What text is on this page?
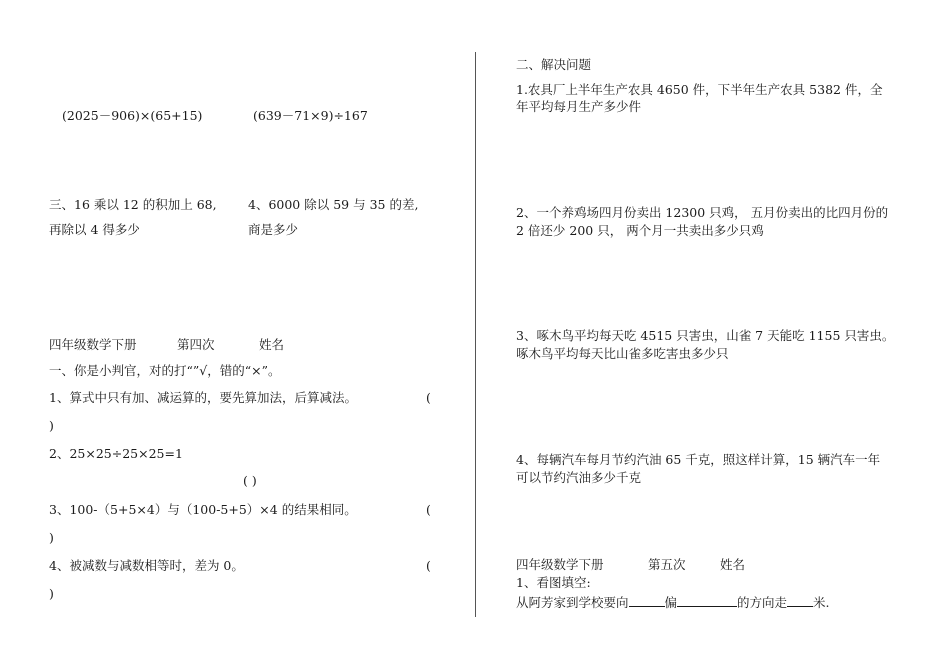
(2025－906)×(65+15)	(639－71×9)÷167
三、16 乘以 12 的积加上 68,
再除以 4 得多少
4、6000 除以 59 与 35 的差,
商是多少
四年级数学下册	第四次	姓名
一、你是小判官，对的打“”√，错的“×”。
1、算式中只有加、减运算的，要先算加法，后算减法。	(
)
2、25×25÷25×25=1
( )
3、100-（5+5×4）与（100-5+5）×4 的结果相同。	(
)
4、被减数与减数相等时，差为 0。	(
)
二、解决问题
1.农具厂上半年生产农具 4650 件，下半年生产农具 5382 件，全
年平均每月生产多少件
2、一个养鸡场四月份卖出 12300 只鸡， 五月份卖出的比四月份的
2 倍还少 200 只， 两个月一共卖出多少只鸡
3、啄木鸟平均每天吃 4515 只害虫，山雀 7 天能吃 1155 只害虫。
啄木鸟平均每天比山雀多吃害虫多少只
4、每辆汽车每月节约汽油 65 千克，照这样计算，15 辆汽车一年
可以节约汽油多少千克
四年级数学下册	第五次	姓名
1、看图填空:
从阿芳家到学校要向	偏	的方向走 米.
